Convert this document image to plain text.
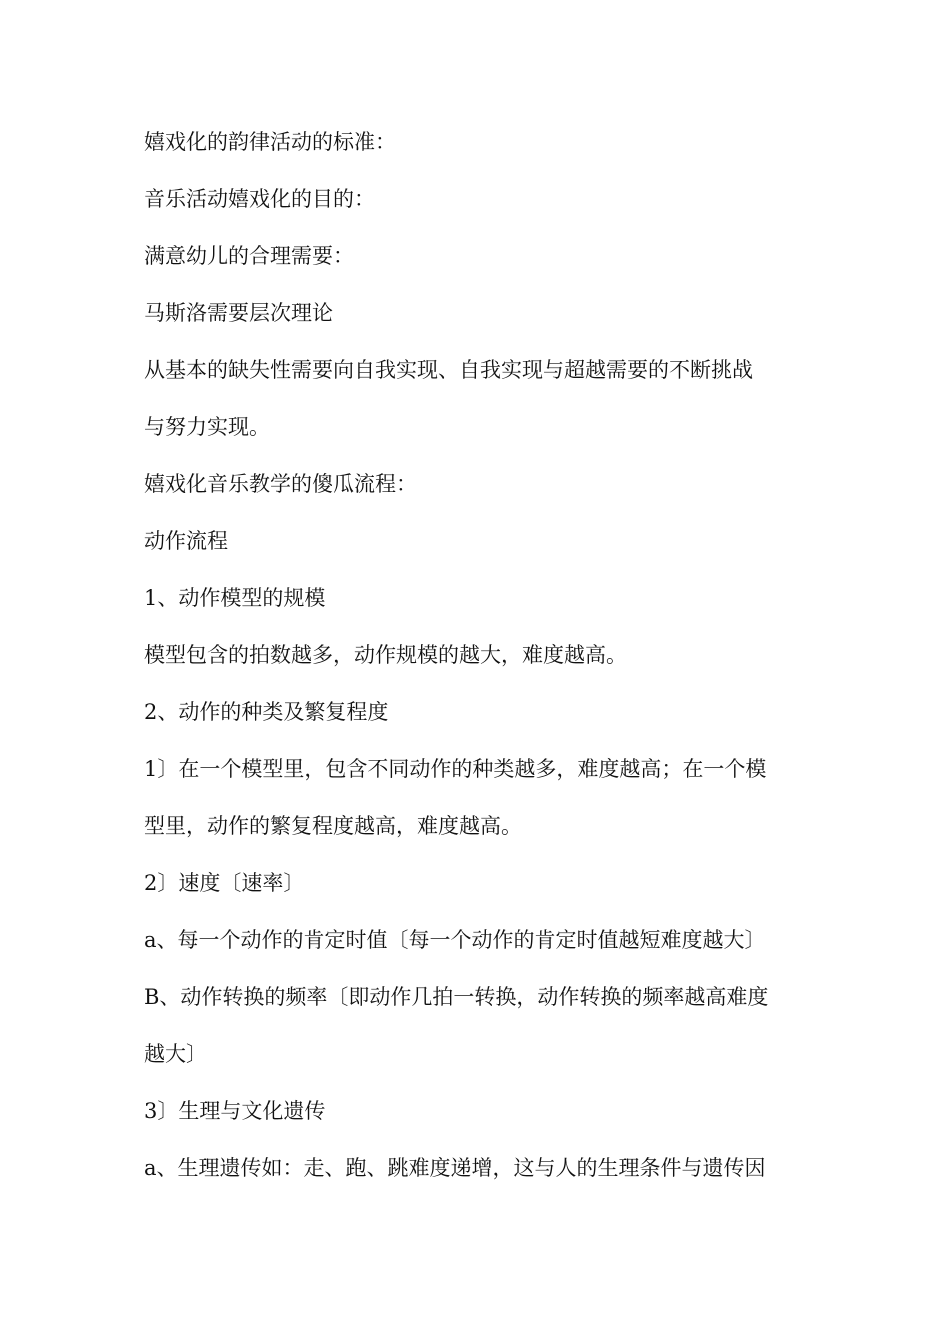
嬉戏化的韵律活动的标准：

音乐活动嬉戏化的目的：

满意幼儿的合理需要：

马斯洛需要层次理论

从基本的缺失性需要向自我实现、自我实现与超越需要的不断挑战

与努力实现。

嬉戏化音乐教学的傻瓜流程：

动作流程

1、动作模型的规模

模型包含的拍数越多，动作规模的越大，难度越高。

2、动作的种类及繁复程度

1〕在一个模型里，包含不同动作的种类越多，难度越高；在一个模

型里，动作的繁复程度越高，难度越高。

2〕速度〔速率〕

a、每一个动作的肯定时值〔每一个动作的肯定时值越短难度越大〕

B、动作转换的频率〔即动作几拍一转换，动作转换的频率越高难度

越大〕

3〕生理与文化遗传

a、生理遗传如：走、跑、跳难度递增，这与人的生理条件与遗传因
